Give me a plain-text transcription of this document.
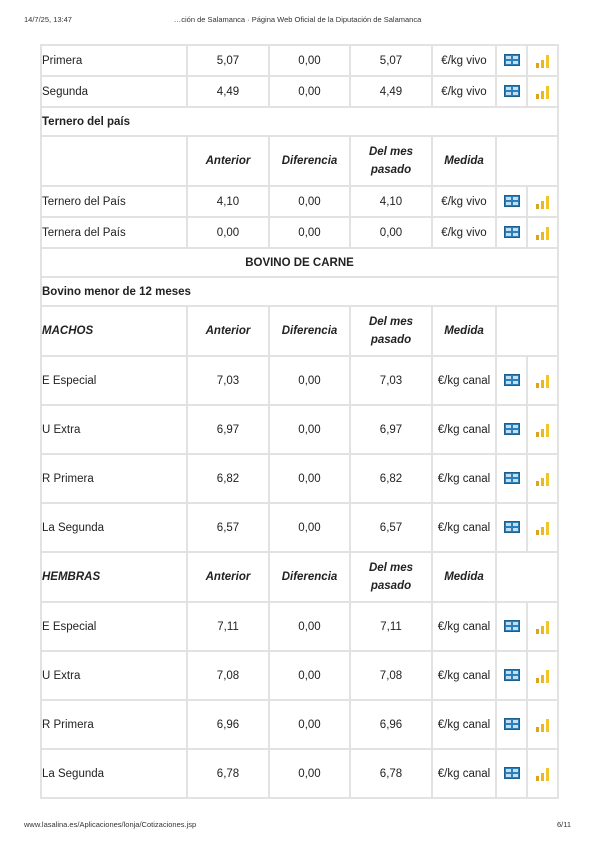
14/7/25, 13:47	…ción de Salamanca · Página Web Oficial de la Diputación de Salamanca
Primera	5,07	0,00	5,07	€/kg vivo	

Segunda	4,49	0,00	4,49	€/kg vivo	

Ternero del país						
	Anterior	Diferencia	Del mes pasado	Medida		
Ternero del País	4,10	0,00	4,10	€/kg vivo	

Ternera del País	0,00	0,00	0,00	€/kg vivo	

BOVINO DE CARNE						
Bovino menor de 12 meses						
MACHOS	Anterior	Diferencia	Del mes pasado	Medida		
E Especial	7,03	0,00	7,03	€/kg canal	

U Extra	6,97	0,00	6,97	€/kg canal	

R Primera	6,82	0,00	6,82	€/kg canal	

La Segunda	6,57	0,00	6,57	€/kg canal	

HEMBRAS	Anterior	Diferencia	Del mes pasado	Medida		
E Especial	7,11	0,00	7,11	€/kg canal	

U Extra	7,08	0,00	7,08	€/kg canal	

R Primera	6,96	0,00	6,96	€/kg canal	

La Segunda	6,78	0,00	6,78	€/kg canal	

www.lasalina.es/Aplicaciones/lonja/Cotizaciones.jsp	6/11
